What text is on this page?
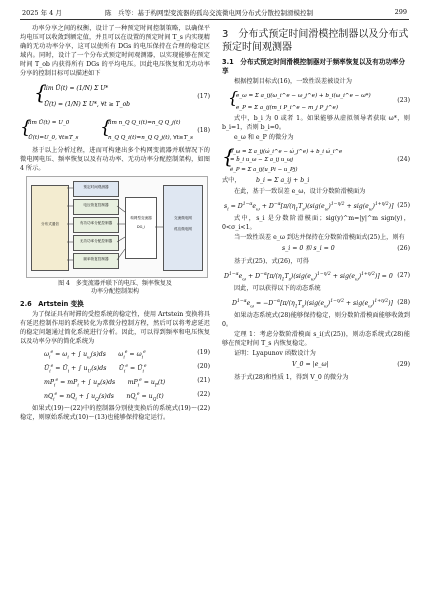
2025 年 4 月	陈　兵等：基于构网型变流器的孤岛交流微电网分布式分散控制滑模控制	299

功率分享之间的权衡，设计了一种预定时间控制策略，以确保平均电压可以收敛到额定值，并且可以在设置的预定时间 T_s 内实现精确的无功功率分享，这可以使所有 DGs 的电压保持在合理的稳定区域内。同时，设计了一个分布式预定时间观测器，以实现能够在预定时间 T_ob 内获得所有 DGs 的平均电压。因此电压恢复和无功功率分享的控制目标可以描述如下

{
lim Ū(t) = (1/N) Σ U*
Ū(t) = (1/N) Σ U*, ∀t ≥ T_ob
(17)
{
lim Ū(t) = U_0
Ū(t)=U_0, ∀t≥T_s {
lim n_Q Q_i(t)=n_Q Q_j(t)
n_Q Q_i(t)=n_Q Q_j(t), ∀t≥T_s
(18)

基于以上分析过程，进而可构建出多个构网变流器并联情况下的微电网电压、频率恢复以及有功功率、无功功率分配控制架构，如图 4 所示。

分布式通信
预定时间观测器
电压恢复控制器
有功功率分配控制器
无功功率分配控制器
频率恢复控制器
构网型变流器
DG_i
交流微电网
孤岛微电网
图 4　多变流器并联下的电压、频率恢复及
功率分配控制架构
2.6　Artstein 变换

为了保证具有时滞的受控系统的稳定性，使用 Artstein 变换将具有延迟控制作用的系统转化为常微分控制方程，然后可以将考虑延迟的稳定问题通过简化系统进行分析。因此，可以得到频率和电压恢复以及功率分享的简化系统为

$\omega_i^e = \omega_i$ + ∫ $u_\omega(s)ds$　　$\omega_i^e = \omega_i^e$	(19)
$Ū_i^e$ = $Ū_i$ + ∫ $u_U(s)ds$　　$Ū_i^e$ = $Ū_i^e$	(20)
$mP_i^e = mP_i$ + ∫ $u_P(s)ds$　　$mP_i^e = u_P(t)$	(21)
$nQ_i^e = nQ_i$ + ∫ $u_Q(s)ds$　　$nQ_i^e = u_Q(t)$	(22)

如果式(19)～(22)中的控制器分别使变换后的系统式(19)～(22)稳定，则原始系统式(10)～(13)也能够保持稳定运行。

3　分布式预定时间滑模控制器以及分布式预定时间观测器
3.1　分布式预定时间滑模控制器对于频率恢复以及有功功率分享

根据控制目标式(16)，一致性误差被设计为

{
e_ω = Σ a_ij(ω_i^e − ω_j^e) + b_i(ω_i^e − ω*)
e_P = Σ a_ij(m_i P_i^e − m_j P_j^e)
(23)

式中，b_i 为 0 或者 1。如果能够从虚拟领导者获取 ω*，则 b_i=1，否则 b_i=0。

e_ω 和 e_P 的微分为

{
ė_ω = Σ a_ij(ω̇_i^e − ω̇_j^e) + b_i ω̇_i^e
= b̄_i u_ω − Σ a_ij u_ωj
ė_P = Σ a_ij(u_Pi − u_Pj)
(24)
式中， b_i = Σ a_ij + b_i

在此，基于一致误差 e_ω，设计分数阶滑模面为

$s_i = D^{1-\alpha}e_\omega + D^{-\alpha}[\pi/(\eta_1T_s)(sig(e_\omega)^{1-\eta/2} + sig(e_\omega)^{1+\eta/2})]$ (25)

式中，s_i 是分数阶滑模面；sig(y)^m=|y|^m sign(y)，0<σ_i<1。

当一致性误差 e_ω 到达并保持在分数阶滑模面式(25)上，则有

s_i = 0 和 s_i = 0	(26)

基于式(25)、式(26)，可得

$D^{1-\alpha}e_\omega + D^{-\alpha}[\pi/(\eta_1T_s)(sig(e_\omega)^{1-\eta/2} + sig(e_\omega)^{1+\eta/2})] = 0$ (27)

因此，可以获得以下的动态系统

$D^{1-\alpha}e_\omega = -D^{-\alpha}[\pi/(\eta_1T_s)(sig(e_\omega)^{1-\eta/2} + sig(e_\omega)^{1+\eta/2})]$ (28)

如果动态系统式(28)能够保持稳定，则分数阶滑模面能够收敛到 0。

定理 1：考虑分数阶滑模面 s_i(式(25))，则动态系统式(28)能够在预定时间 T_s 内恢复稳定。

证明：Lyapunov 函数设计为

V_0 = |e_ω|	(29)

基于式(28)和性质 1，得到 V_0 的微分为
